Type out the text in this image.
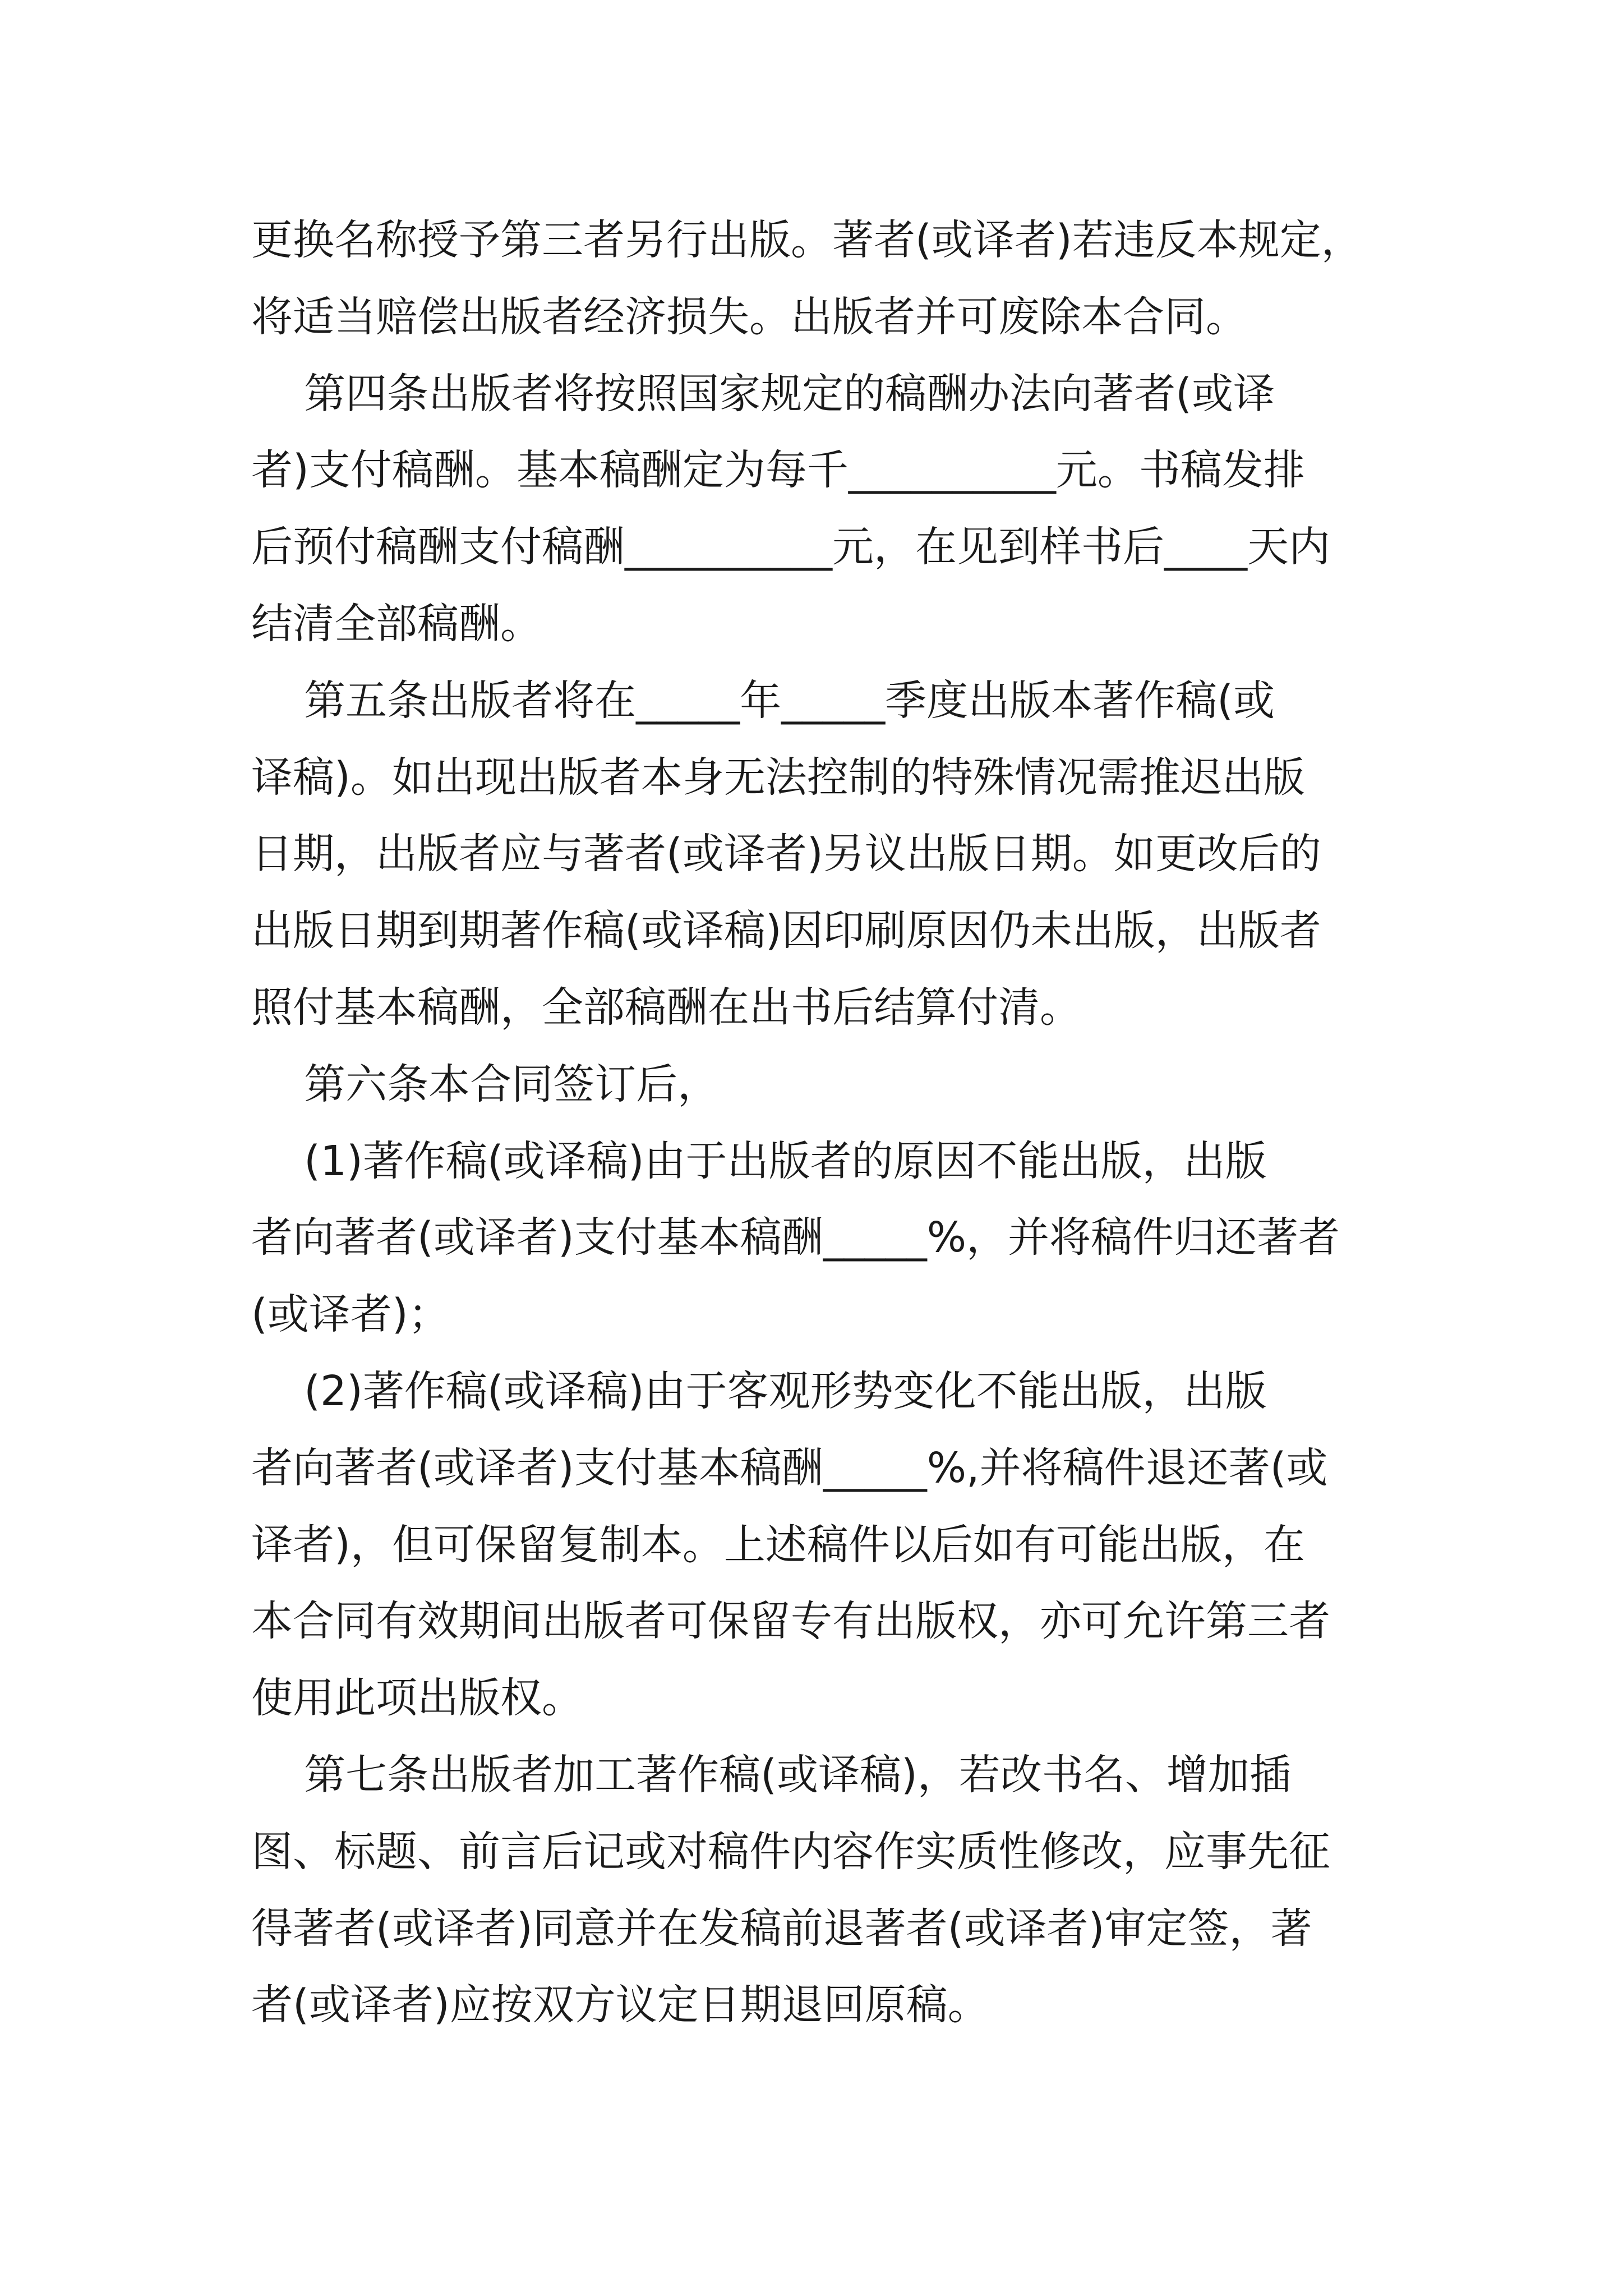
更换名称授予第三者另行出版。著者(或译者)若违反本规定，
将适当赔偿出版者经济损失。出版者并可废除本合同。
第四条出版者将按照国家规定的稿酬办法向著者(或译
者)支付稿酬。基本稿酬定为每千__________元。书稿发排
后预付稿酬支付稿酬__________元，在见到样书后____天内
结清全部稿酬。
第五条出版者将在_____年_____季度出版本著作稿(或
译稿)。如出现出版者本身无法控制的特殊情况需推迟出版
日期，出版者应与著者(或译者)另议出版日期。如更改后的
出版日期到期著作稿(或译稿)因印刷原因仍未出版，出版者
照付基本稿酬，全部稿酬在出书后结算付清。
第六条本合同签订后，
(1)著作稿(或译稿)由于出版者的原因不能出版，出版
者向著者(或译者)支付基本稿酬_____%，并将稿件归还著者
(或译者)；
(2)著作稿(或译稿)由于客观形势变化不能出版，出版
者向著者(或译者)支付基本稿酬_____%,并将稿件退还著(或
译者)，但可保留复制本。上述稿件以后如有可能出版，在
本合同有效期间出版者可保留专有出版权，亦可允许第三者
使用此项出版权。
第七条出版者加工著作稿(或译稿)，若改书名、增加插
图、标题、前言后记或对稿件内容作实质性修改，应事先征
得著者(或译者)同意并在发稿前退著者(或译者)审定签，著
者(或译者)应按双方议定日期退回原稿。
